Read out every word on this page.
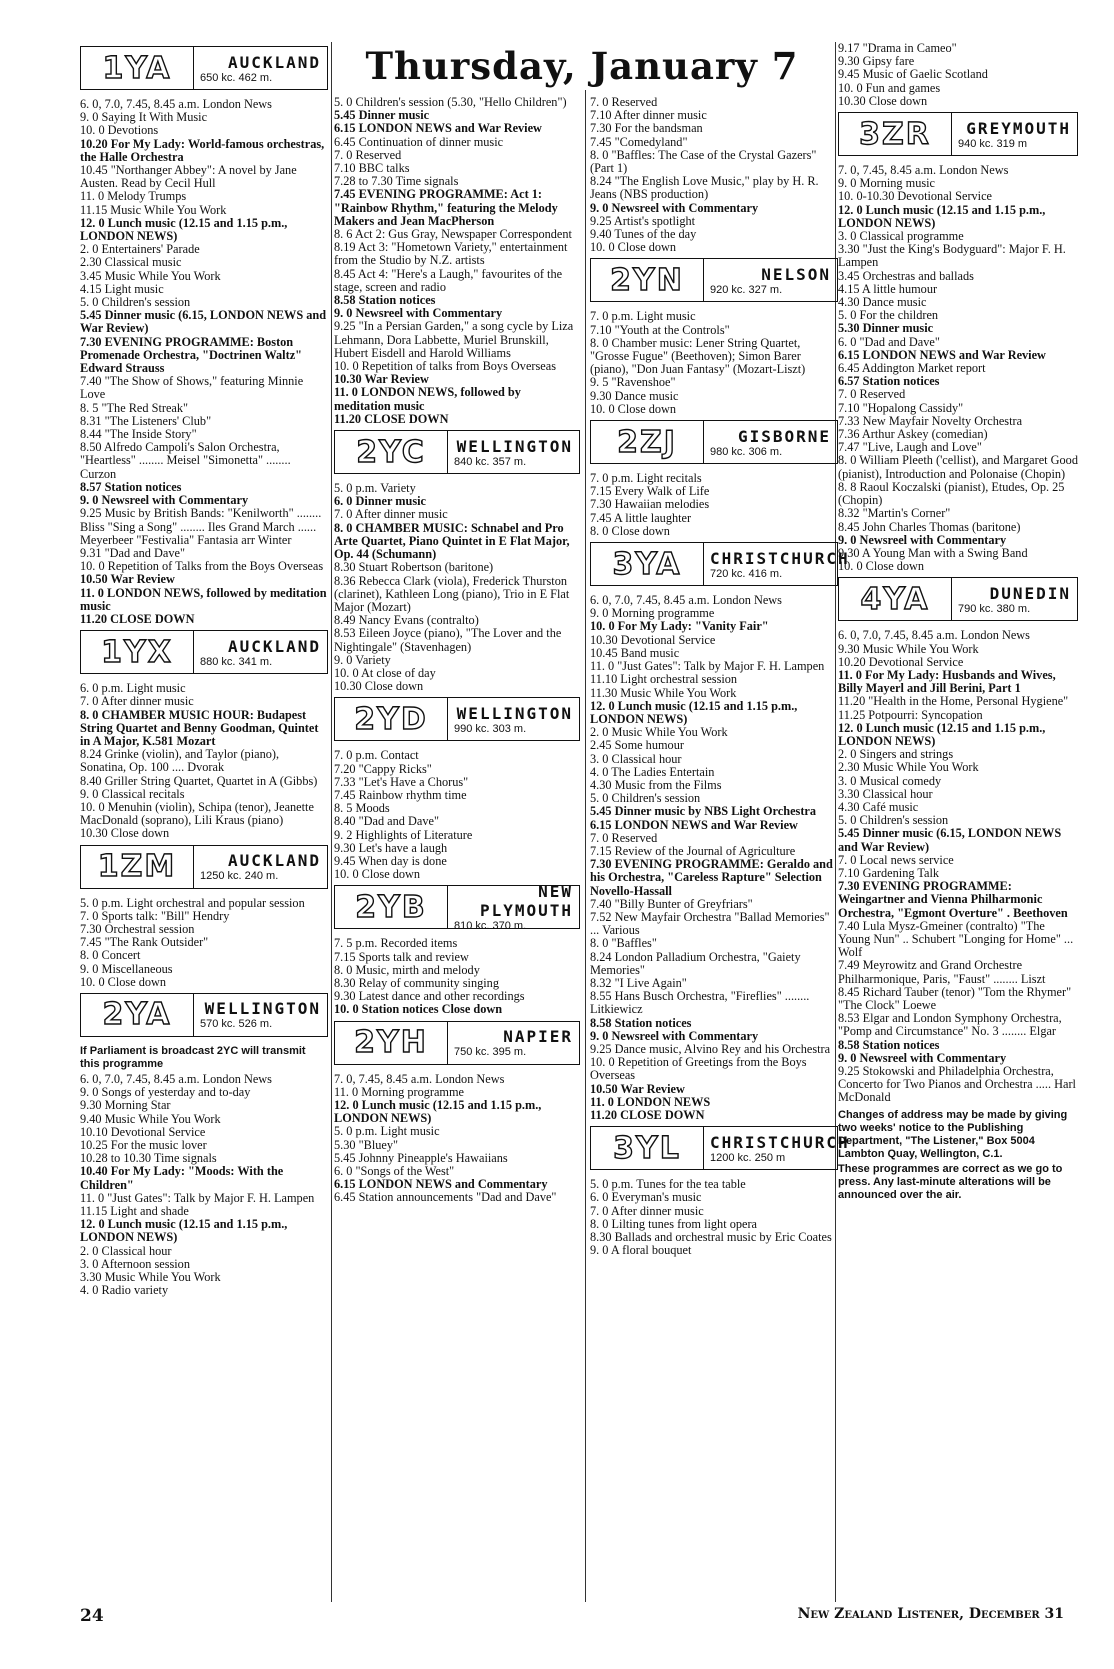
Thursday, January 7
1YA	AUCKLAND
650 kc. 462 m.

6. 0, 7.0, 7.45, 8.45 a.m. London News

9. 0 Saying It With Music

10. 0 Devotions

10.20 For My Lady: World-famous orchestras, the Halle Orchestra

10.45 "Northanger Abbey": A novel by Jane Austen. Read by Cecil Hull

11. 0 Melody Trumps

11.15 Music While You Work

12. 0 Lunch music (12.15 and 1.15 p.m., LONDON NEWS)

2. 0 Entertainers' Parade

2.30 Classical music

3.45 Music While You Work

4.15 Light music

5. 0 Children's session

5.45 Dinner music (6.15, LONDON NEWS and War Review)

7.30 EVENING PROGRAMME: Boston Promenade Orchestra, "Doctrinen Waltz" Edward Strauss

7.40 "The Show of Shows," featuring Minnie Love

8. 5 "The Red Streak"

8.31 "The Listeners' Club"

8.44 "The Inside Story"

8.50 Alfredo Campoli's Salon Orchestra, "Heartless" ........ Meisel "Simonetta" ........ Curzon

8.57 Station notices

9. 0 Newsreel with Commentary

9.25 Music by British Bands: "Kenilworth" ........ Bliss "Sing a Song" ........ Iles Grand March ...... Meyerbeer "Festivalia" Fantasia arr Winter

9.31 "Dad and Dave"

10. 0 Repetition of Talks from the Boys Overseas

10.50 War Review

11. 0 LONDON NEWS, followed by meditation music

11.20 CLOSE DOWN

1YX	AUCKLAND
880 kc. 341 m.

6. 0 p.m. Light music

7. 0 After dinner music

8. 0 CHAMBER MUSIC HOUR: Budapest String Quartet and Benny Goodman, Quintet in A Major, K.581 Mozart

8.24 Grinke (violin), and Taylor (piano), Sonatina, Op. 100 .... Dvorak

8.40 Griller String Quartet, Quartet in A (Gibbs)

9. 0 Classical recitals

10. 0 Menuhin (violin), Schipa (tenor), Jeanette MacDonald (soprano), Lili Kraus (piano)

10.30 Close down

1ZM	AUCKLAND
1250 kc. 240 m.

5. 0 p.m. Light orchestral and popular session

7. 0 Sports talk: "Bill" Hendry

7.30 Orchestral session

7.45 "The Rank Outsider"

8. 0 Concert

9. 0 Miscellaneous

10. 0 Close down

2YA	WELLINGTON
570 kc. 526 m.

If Parliament is broadcast 2YC will transmit this programme

6. 0, 7.0, 7.45, 8.45 a.m. London News

9. 0 Songs of yesterday and to-day

9.30 Morning Star

9.40 Music While You Work

10.10 Devotional Service

10.25 For the music lover

10.28 to 10.30 Time signals

10.40 For My Lady: "Moods: With the Children"

11. 0 "Just Gates": Talk by Major F. H. Lampen

11.15 Light and shade

12. 0 Lunch music (12.15 and 1.15 p.m., LONDON NEWS)

2. 0 Classical hour

3. 0 Afternoon session

3.30 Music While You Work

4. 0 Radio variety

5. 0 Children's session (5.30, "Hello Children")

5.45 Dinner music

6.15 LONDON NEWS and War Review

6.45 Continuation of dinner music

7. 0 Reserved

7.10 BBC talks

7.28 to 7.30 Time signals

7.45 EVENING PROGRAMME: Act 1: "Rainbow Rhythm," featuring the Melody Makers and Jean MacPherson

8. 6 Act 2: Gus Gray, Newspaper Correspondent

8.19 Act 3: "Hometown Variety," entertainment from the Studio by N.Z. artists

8.45 Act 4: "Here's a Laugh," favourites of the stage, screen and radio

8.58 Station notices

9. 0 Newsreel with Commentary

9.25 "In a Persian Garden," a song cycle by Liza Lehmann, Dora Labbette, Muriel Brunskill, Hubert Eisdell and Harold Williams

10. 0 Repetition of talks from Boys Overseas

10.30 War Review

11. 0 LONDON NEWS, followed by meditation music

11.20 CLOSE DOWN

2YC	WELLINGTON
840 kc. 357 m.

5. 0 p.m. Variety

6. 0 Dinner music

7. 0 After dinner music

8. 0 CHAMBER MUSIC: Schnabel and Pro Arte Quartet, Piano Quintet in E Flat Major, Op. 44 (Schumann)

8.30 Stuart Robertson (baritone)

8.36 Rebecca Clark (viola), Frederick Thurston (clarinet), Kathleen Long (piano), Trio in E Flat Major (Mozart)

8.49 Nancy Evans (contralto)

8.53 Eileen Joyce (piano), "The Lover and the Nightingale" (Stavenhagen)

9. 0 Variety

10. 0 At close of day

10.30 Close down

2YD	WELLINGTON
990 kc. 303 m.

7. 0 p.m. Contact

7.20 "Cappy Ricks"

7.33 "Let's Have a Chorus"

7.45 Rainbow rhythm time

8. 5 Moods

8.40 "Dad and Dave"

9. 2 Highlights of Literature

9.30 Let's have a laugh

9.45 When day is done

10. 0 Close down

2YB	NEW PLYMOUTH
810 kc. 370 m.

7. 5 p.m. Recorded items

7.15 Sports talk and review

8. 0 Music, mirth and melody

8.30 Relay of community singing

9.30 Latest dance and other recordings

10. 0 Station notices Close down

2YH	NAPIER
750 kc. 395 m.

7. 0, 7.45, 8.45 a.m. London News

11. 0 Morning programme

12. 0 Lunch music (12.15 and 1.15 p.m., LONDON NEWS)

5. 0 p.m. Light music

5.30 "Bluey"

5.45 Johnny Pineapple's Hawaiians

6. 0 "Songs of the West"

6.15 LONDON NEWS and Commentary

6.45 Station announcements "Dad and Dave"

7. 0 Reserved

7.10 After dinner music

7.30 For the bandsman

7.45 "Comedyland"

8. 0 "Baffles: The Case of the Crystal Gazers" (Part 1)

8.24 "The English Love Music," play by H. R. Jeans (NBS production)

9. 0 Newsreel with Commentary

9.25 Artist's spotlight

9.40 Tunes of the day

10. 0 Close down

2YN	NELSON
920 kc. 327 m.

7. 0 p.m. Light music

7.10 "Youth at the Controls"

8. 0 Chamber music: Lener String Quartet, "Grosse Fugue" (Beethoven); Simon Barer (piano), "Don Juan Fantasy" (Mozart-Liszt)

9. 5 "Ravenshoe"

9.30 Dance music

10. 0 Close down

2ZJ	GISBORNE
980 kc. 306 m.

7. 0 p.m. Light recitals

7.15 Every Walk of Life

7.30 Hawaiian melodies

7.45 A little laughter

8. 0 Close down

3YA	CHRISTCHURCH
720 kc. 416 m.

6. 0, 7.0, 7.45, 8.45 a.m. London News

9. 0 Morning programme

10. 0 For My Lady: "Vanity Fair"

10.30 Devotional Service

10.45 Band music

11. 0 "Just Gates": Talk by Major F. H. Lampen

11.10 Light orchestral session

11.30 Music While You Work

12. 0 Lunch music (12.15 and 1.15 p.m., LONDON NEWS)

2. 0 Music While You Work

2.45 Some humour

3. 0 Classical hour

4. 0 The Ladies Entertain

4.30 Music from the Films

5. 0 Children's session

5.45 Dinner music by NBS Light Orchestra

6.15 LONDON NEWS and War Review

7. 0 Reserved

7.15 Review of the Journal of Agriculture

7.30 EVENING PROGRAMME: Geraldo and his Orchestra, "Careless Rapture" Selection Novello-Hassall

7.40 "Billy Bunter of Greyfriars"

7.52 New Mayfair Orchestra "Ballad Memories" ... Various

8. 0 "Baffles"

8.24 London Palladium Orchestra, "Gaiety Memories"

8.32 "I Live Again"

8.55 Hans Busch Orchestra, "Fireflies" ........ Litkiewicz

8.58 Station notices

9. 0 Newsreel with Commentary

9.25 Dance music, Alvino Rey and his Orchestra

10. 0 Repetition of Greetings from the Boys Overseas

10.50 War Review

11. 0 LONDON NEWS

11.20 CLOSE DOWN

3YL	CHRISTCHURCH
1200 kc. 250 m

5. 0 p.m. Tunes for the tea table

6. 0 Everyman's music

7. 0 After dinner music

8. 0 Lilting tunes from light opera

8.30 Ballads and orchestral music by Eric Coates

9. 0 A floral bouquet

9.17 "Drama in Cameo"

9.30 Gipsy fare

9.45 Music of Gaelic Scotland

10. 0 Fun and games

10.30 Close down

3ZR	GREYMOUTH
940 kc. 319 m

7. 0, 7.45, 8.45 a.m. London News

9. 0 Morning music

10. 0-10.30 Devotional Service

12. 0 Lunch music (12.15 and 1.15 p.m., LONDON NEWS)

3. 0 Classical programme

3.30 "Just the King's Bodyguard": Major F. H. Lampen

3.45 Orchestras and ballads

4.15 A little humour

4.30 Dance music

5. 0 For the children

5.30 Dinner music

6. 0 "Dad and Dave"

6.15 LONDON NEWS and War Review

6.45 Addington Market report

6.57 Station notices

7. 0 Reserved

7.10 "Hopalong Cassidy"

7.33 New Mayfair Novelty Orchestra

7.36 Arthur Askey (comedian)

7.47 "Live, Laugh and Love"

8. 0 William Pleeth ('cellist), and Margaret Good (pianist), Introduction and Polonaise (Chopin)

8. 8 Raoul Koczalski (pianist), Etudes, Op. 25 (Chopin)

8.32 "Martin's Corner"

8.45 John Charles Thomas (baritone)

9. 0 Newsreel with Commentary

9.30 A Young Man with a Swing Band

10. 0 Close down

4YA	DUNEDIN
790 kc. 380 m.

6. 0, 7.0, 7.45, 8.45 a.m. London News

9.30 Music While You Work

10.20 Devotional Service

11. 0 For My Lady: Husbands and Wives, Billy Mayerl and Jill Berini, Part 1

11.20 "Health in the Home, Personal Hygiene"

11.25 Potpourri: Syncopation

12. 0 Lunch music (12.15 and 1.15 p.m., LONDON NEWS)

2. 0 Singers and strings

2.30 Music While You Work

3. 0 Musical comedy

3.30 Classical hour

4.30 Café music

5. 0 Children's session

5.45 Dinner music (6.15, LONDON NEWS and War Review)

7. 0 Local news service

7.10 Gardening Talk

7.30 EVENING PROGRAMME: Weingartner and Vienna Philharmonic Orchestra, "Egmont Overture" . Beethoven

7.40 Lula Mysz-Gmeiner (contralto) "The Young Nun" .. Schubert "Longing for Home" ... Wolf

7.49 Meyrowitz and Grand Orchestre Philharmonique, Paris, "Faust" ........ Liszt

8.45 Richard Tauber (tenor) "Tom the Rhymer" "The Clock" Loewe

8.53 Elgar and London Symphony Orchestra, "Pomp and Circumstance" No. 3 ........ Elgar

8.58 Station notices

9. 0 Newsreel with Commentary

9.25 Stokowski and Philadelphia Orchestra, Concerto for Two Pianos and Orchestra ..... Harl McDonald

Changes of address may be made by giving two weeks' notice to the Publishing Department, "The Listener," Box 5004 Lambton Quay, Wellington, C.1.

These programmes are correct as we go to press. Any last-minute alterations will be announced over the air.

24	New Zealand Listener, December 31
